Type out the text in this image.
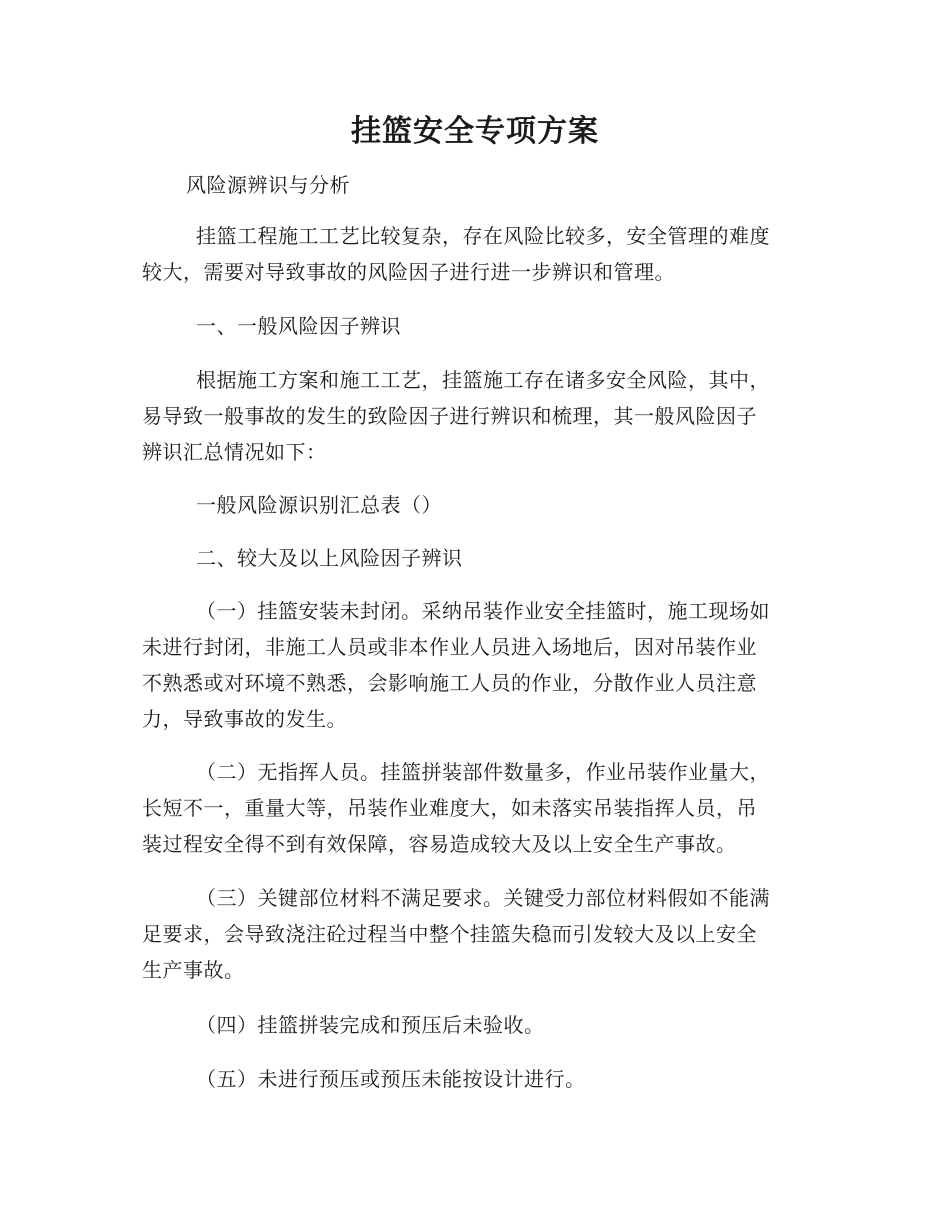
挂篮安全专项方案
风险源辨识与分析
挂篮工程施工工艺比较复杂，存在风险比较多，安全管理的难度
较大，需要对导致事故的风险因子进行进一步辨识和管理。
一、一般风险因子辨识
根据施工方案和施工工艺，挂篮施工存在诸多安全风险，其中，
易导致一般事故的发生的致险因子进行辨识和梳理，其一般风险因子
辨识汇总情况如下：
一般风险源识别汇总表（）
二、较大及以上风险因子辨识
（一）挂篮安装未封闭。采纳吊装作业安全挂篮时，施工现场如
未进行封闭，非施工人员或非本作业人员进入场地后，因对吊装作业
不熟悉或对环境不熟悉，会影响施工人员的作业，分散作业人员注意
力，导致事故的发生。
（二）无指挥人员。挂篮拼装部件数量多，作业吊装作业量大，
长短不一，重量大等，吊装作业难度大，如未落实吊装指挥人员，吊
装过程安全得不到有效保障，容易造成较大及以上安全生产事故。
（三）关键部位材料不满足要求。关键受力部位材料假如不能满
足要求，会导致浇注砼过程当中整个挂篮失稳而引发较大及以上安全
生产事故。
（四）挂篮拼装完成和预压后未验收。
（五）未进行预压或预压未能按设计进行。
